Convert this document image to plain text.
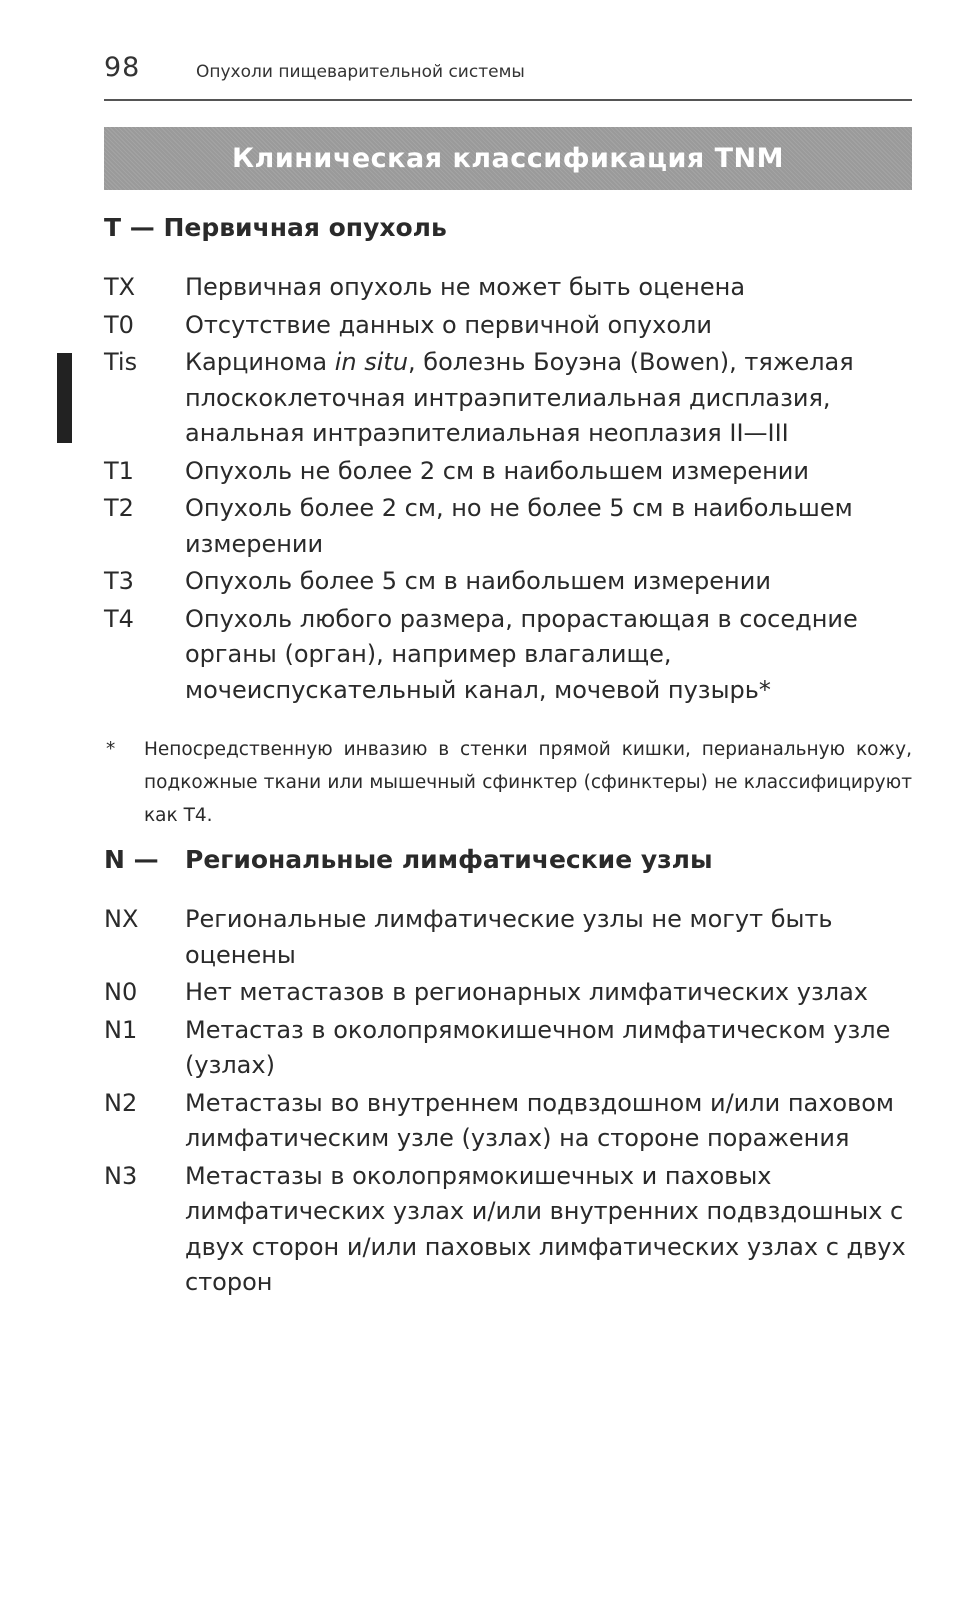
98	Опухоли пищеварительной системы
Клиническая классификация TNM
T — Первичная опухоль
TX	Первичная опухоль не может быть оценена
T0	Отсутствие данных о первичной опухоли
Tis	Карцинома in situ, болезнь Боуэна (Bowen), тяжелая плоскоклеточная интраэпителиальная дисплазия, анальная интраэпителиальная неоплазия II—III
T1	Опухоль не более 2 см в наибольшем измерении
T2	Опухоль более 2 см, но не более 5 см в наибольшем измерении
T3	Опухоль более 5 см в наибольшем измерении
T4	Опухоль любого размера, прорастающая в соседние органы (орган), например влагалище, мочеиспускательный канал, мочевой пузырь*
*	Непосредственную инвазию в стенки прямой кишки, перианальную кожу, подкожные ткани или мышечный сфинктер (сфинктеры) не классифицируют как T4.
N — Региональные лимфатические узлы
NX	Региональные лимфатические узлы не могут быть оценены
N0	Нет метастазов в регионарных лимфатических узлах
N1	Метастаз в околопрямокишечном лимфатическом узле (узлах)
N2	Метастазы во внутреннем подвздошном и/или паховом лимфатическим узле (узлах) на стороне поражения
N3	Метастазы в околопрямокишечных и паховых лимфатических узлах и/или внутренних подвздошных с двух сторон и/или паховых лимфатических узлах с двух сторон
